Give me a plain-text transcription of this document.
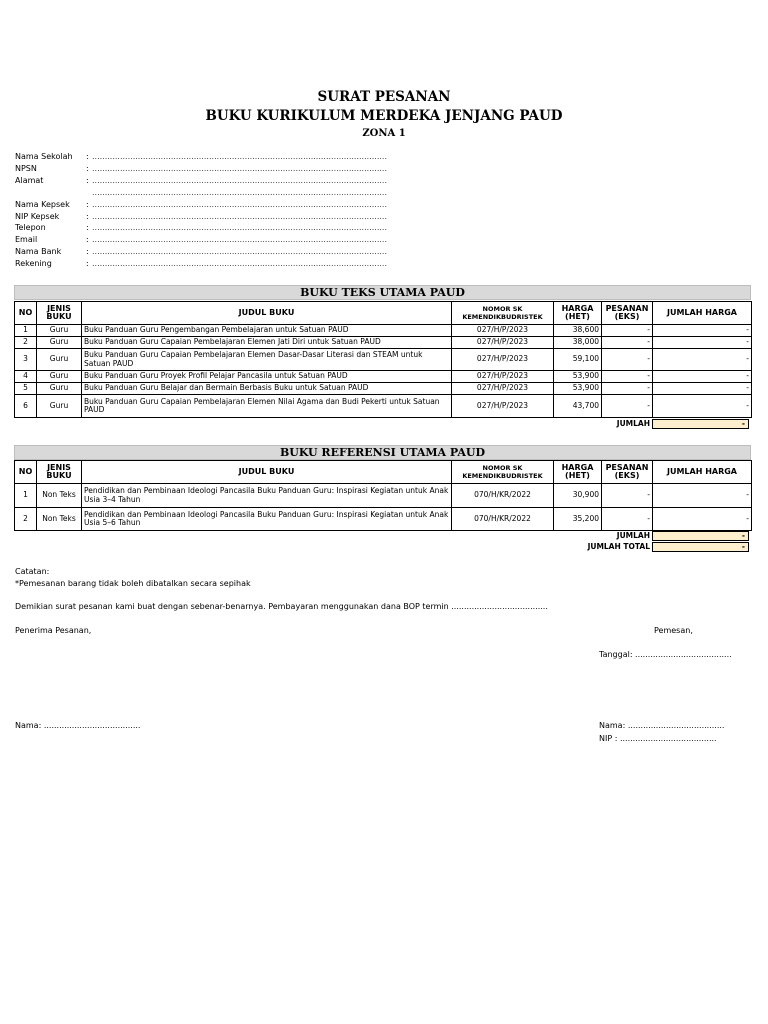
SURAT PESANAN
BUKU KURIKULUM MERDEKA JENJANG PAUD
ZONA 1
Nama Sekolah	: ....................................................................................................................
NPSN	: ....................................................................................................................
Alamat	: ....................................................................................................................
....................................................................................................................
Nama Kepsek	: ....................................................................................................................
NIP Kepsek	: ....................................................................................................................
Telepon	: ....................................................................................................................
Email	: ....................................................................................................................
Nama Bank	: ....................................................................................................................
Rekening	: ....................................................................................................................
BUKU TEKS UTAMA PAUD
NO	JENIS BUKU	JUDUL BUKU	NOMOR SK KEMENDIKBUDRISTEK	HARGA (HET)	PESANAN (EKS)	JUMLAH HARGA
1	Guru	Buku Panduan Guru Pengembangan Pembelajaran untuk Satuan PAUD	027/H/P/2023	38,600	-	-
2	Guru	Buku Panduan Guru Capaian Pembelajaran Elemen Jati Diri untuk Satuan PAUD	027/H/P/2023	38,000	-	-
3	Guru	Buku Panduan Guru Capaian Pembelajaran Elemen Dasar-Dasar Literasi dan STEAM untuk Satuan PAUD	027/H/P/2023	59,100	-	-
4	Guru	Buku Panduan Guru Proyek Profil Pelajar Pancasila untuk Satuan PAUD	027/H/P/2023	53,900	-	-
5	Guru	Buku Panduan Guru Belajar dan Bermain Berbasis Buku untuk Satuan PAUD	027/H/P/2023	53,900	-	-
6	Guru	Buku Panduan Guru Capaian Pembelajaran Elemen Nilai Agama dan Budi Pekerti untuk Satuan PAUD	027/H/P/2023	43,700	-	-
JUMLAH	-
BUKU REFERENSI UTAMA PAUD
NO	JENIS BUKU	JUDUL BUKU	NOMOR SK KEMENDIKBUDRISTEK	HARGA (HET)	PESANAN (EKS)	JUMLAH HARGA
1	Non Teks	Pendidikan dan Pembinaan Ideologi Pancasila Buku Panduan Guru: Inspirasi Kegiatan untuk Anak Usia 3–4 Tahun	070/H/KR/2022	30,900	-	-
2	Non Teks	Pendidikan dan Pembinaan Ideologi Pancasila Buku Panduan Guru: Inspirasi Kegiatan untuk Anak Usia 5–6 Tahun	070/H/KR/2022	35,200	-	-
JUMLAH	-
JUMLAH TOTAL	-
Catatan:
*Pemesanan barang tidak boleh dibatalkan secara sepihak
Demikian surat pesanan kami buat dengan sebenar-benarnya. Pembayaran menggunakan dana BOP termin ......................................
Penerima Pesanan,	Pemesan,
Tanggal: ......................................
Nama: ......................................	Nama: ......................................
NIP : ......................................
